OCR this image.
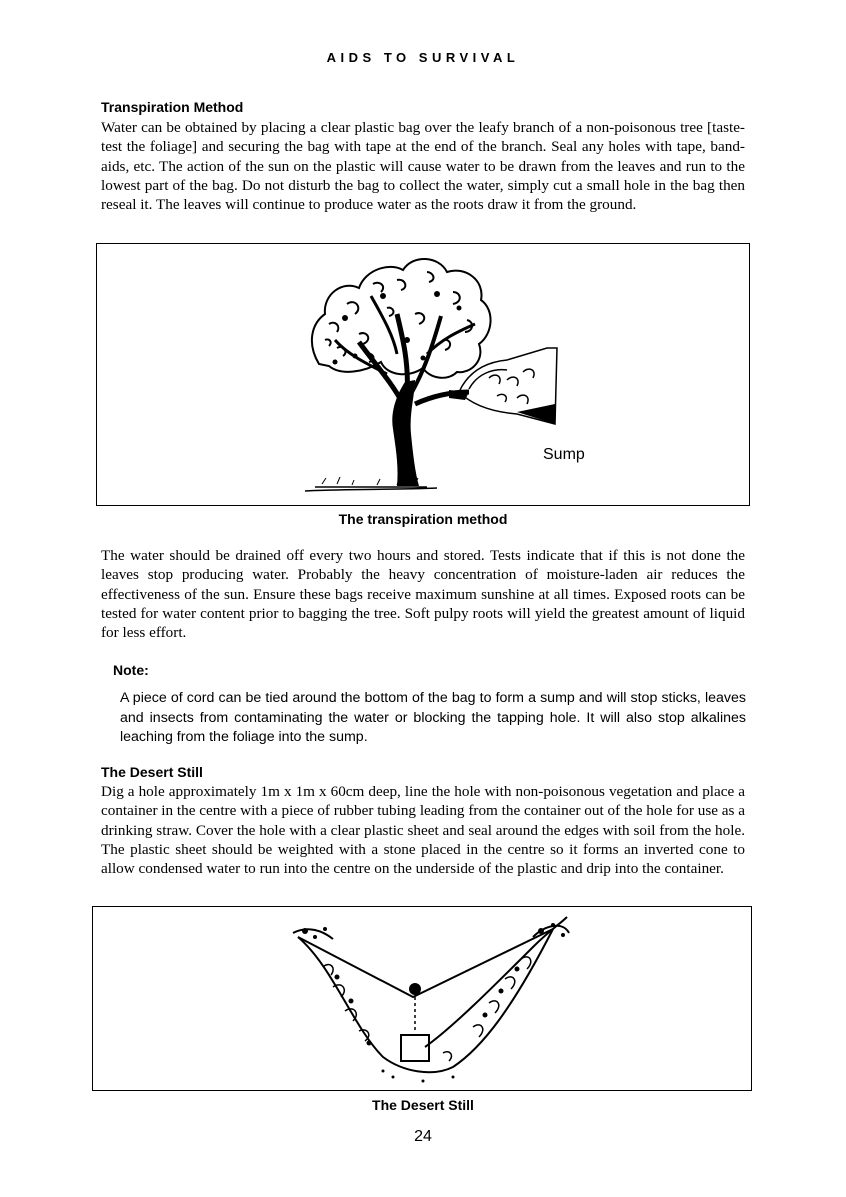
AIDS TO SURVIVAL
Transpiration Method
Water can be obtained by placing a clear plastic bag over the leafy branch of a non-poisonous tree [taste-test the foliage] and securing the bag with tape at the end of the branch. Seal any holes with tape, band-aids, etc. The action of the sun on the plastic will cause water to be drawn from the leaves and run to the lowest part of the bag. Do not disturb the bag to collect the water, simply cut a small hole in the bag then reseal it. The leaves will continue to produce water as the roots draw it from the ground.
Sump
The transpiration method
The water should be drained off every two hours and stored. Tests indicate that if this is not done the leaves stop producing water. Probably the heavy concentration of moisture-laden air reduces the effectiveness of the sun. Ensure these bags receive maximum sunshine at all times. Exposed roots can be tested for water content prior to bagging the tree. Soft pulpy roots will yield the greatest amount of liquid for less effort.
Note:
A piece of cord can be tied around the bottom of the bag to form a sump and will stop sticks, leaves and insects from contaminating the water or blocking the tapping hole. It will also stop alkalines leaching from the foliage into the sump.
The Desert Still
Dig a hole approximately 1m x 1m x 60cm deep, line the hole with non-poisonous vegetation and place a container in the centre with a piece of rubber tubing leading from the container out of the hole for use as a drinking straw. Cover the hole with a clear plastic sheet and seal around the edges with soil from the hole. The plastic sheet should be weighted with a stone placed in the centre so it forms an inverted cone to allow condensed water to run into the centre on the underside of the plastic and drip into the container.
The Desert Still
24
